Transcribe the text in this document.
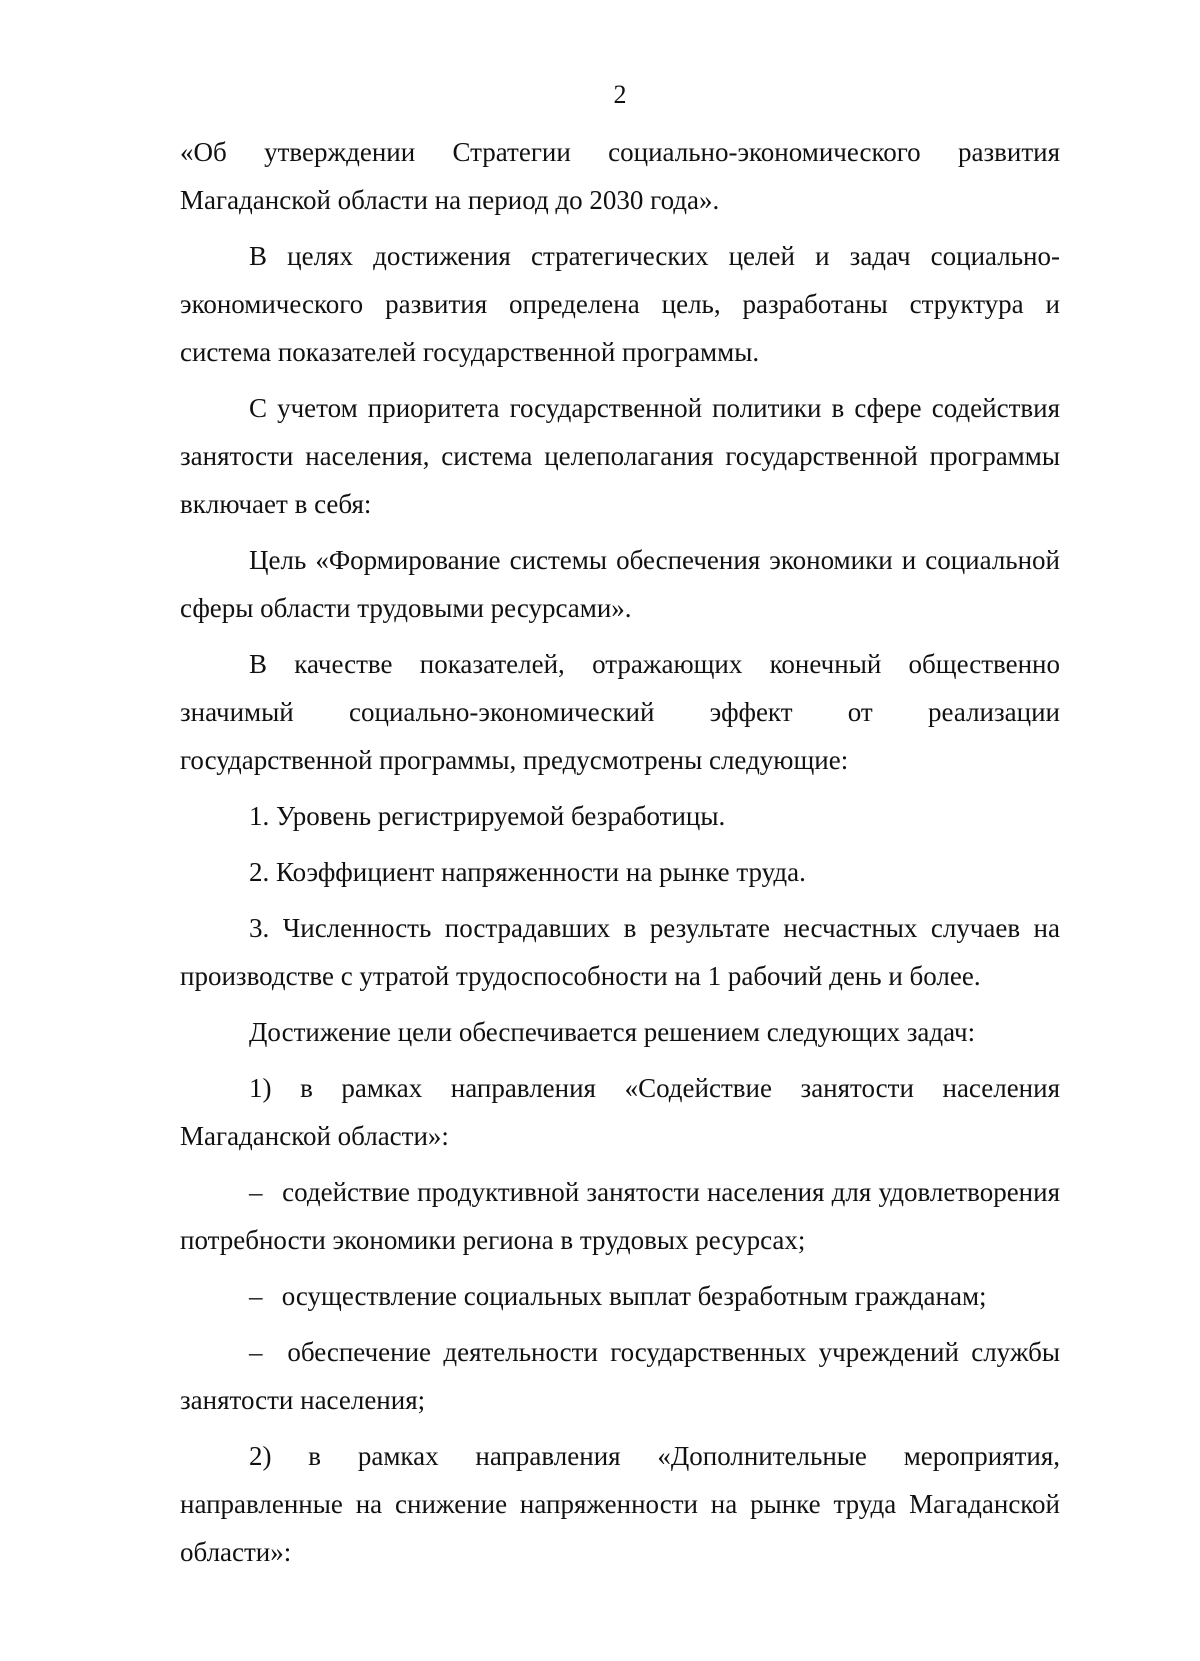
2

«Об утверждении Стратегии социально-экономического развития Магаданской области на период до 2030 года».

В целях достижения стратегических целей и задач социально-экономического развития определена цель, разработаны структура и система показателей государственной программы.

С учетом приоритета государственной политики в сфере содействия занятости населения, система целеполагания государственной программы включает в себя:

Цель «Формирование системы обеспечения экономики и социальной сферы области трудовыми ресурсами».

В качестве показателей, отражающих конечный общественно значимый социально-экономический эффект от реализации государственной программы, предусмотрены следующие:

1. Уровень регистрируемой безработицы.

2. Коэффициент напряженности на рынке труда.

3. Численность пострадавших в результате несчастных случаев на производстве с утратой трудоспособности на 1 рабочий день и более.

Достижение цели обеспечивается решением следующих задач:

1) в рамках направления «Содействие занятости населения Магаданской области»:

– содействие продуктивной занятости населения для удовлетворения потребности экономики региона в трудовых ресурсах;

– осуществление социальных выплат безработным гражданам;

– обеспечение деятельности государственных учреждений службы занятости населения;

2) в рамках направления «Дополнительные мероприятия, направленные на снижение напряженности на рынке труда Магаданской области»:
